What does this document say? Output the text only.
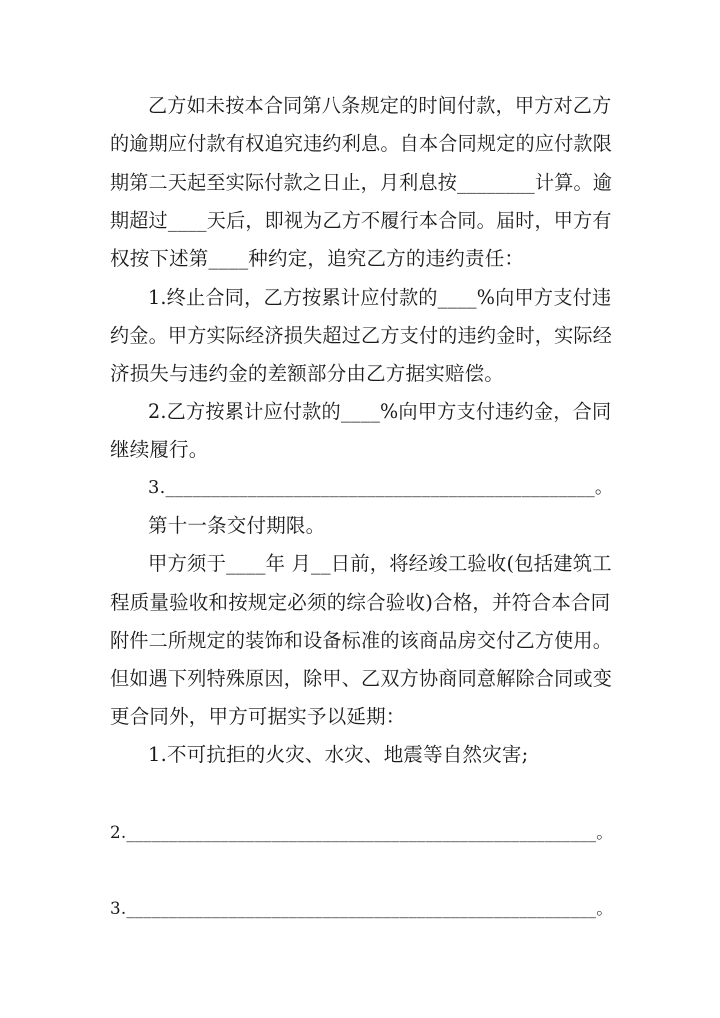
乙方如未按本合同第八条规定的时间付款，甲方对乙方
的逾期应付款有权追究违约利息。自本合同规定的应付款限
期第二天起至实际付款之日止，月利息按________计算。逾
期超过____天后，即视为乙方不履行本合同。届时，甲方有
权按下述第____种约定，追究乙方的违约责任：
1.终止合同，乙方按累计应付款的____%向甲方支付违
约金。甲方实际经济损失超过乙方支付的违约金时，实际经
济损失与违约金的差额部分由乙方据实赔偿。
2.乙方按累计应付款的____%向甲方支付违约金，合同
继续履行。
3._______________________________________________。
第十一条交付期限。
甲方须于____年 月__日前，将经竣工验收(包括建筑工
程质量验收和按规定必须的综合验收)合格，并符合本合同
附件二所规定的装饰和设备标准的该商品房交付乙方使用。
但如遇下列特殊原因，除甲、乙双方协商同意解除合同或变
更合同外，甲方可据实予以延期：
1.不可抗拒的火灾、水灾、地震等自然灾害;
2._______________________________________________________。
3._______________________________________________________。
